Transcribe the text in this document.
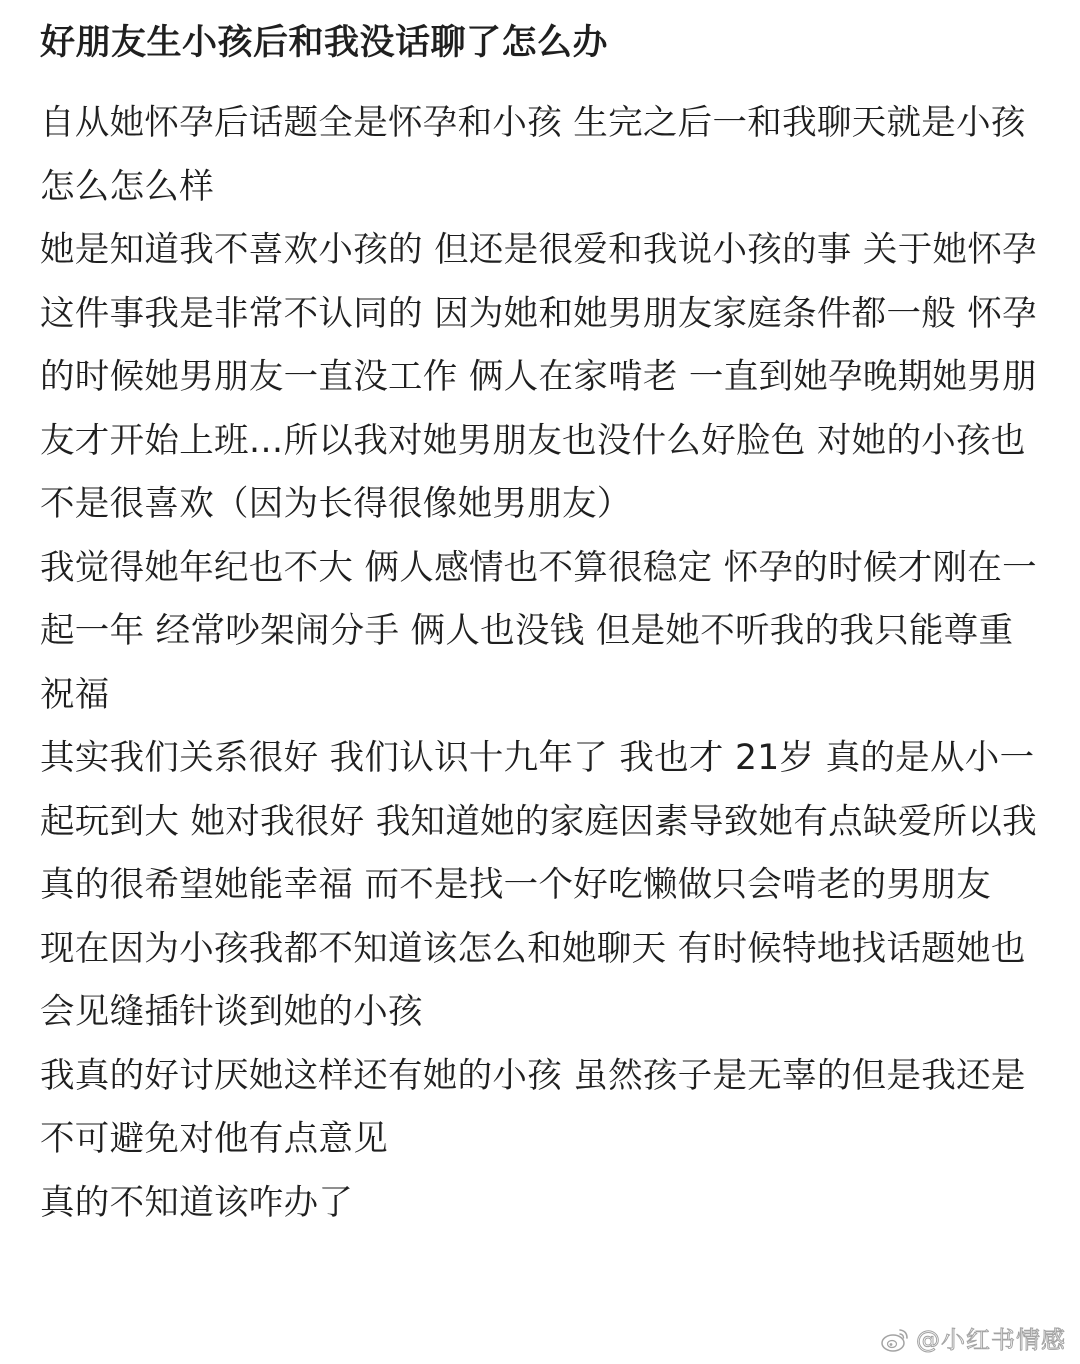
好朋友生小孩后和我没话聊了怎么办

自从她怀孕后话题全是怀孕和小孩 生完之后一和我聊天就是小孩怎么怎么样

她是知道我不喜欢小孩的 但还是很爱和我说小孩的事 关于她怀孕这件事我是非常不认同的 因为她和她男朋友家庭条件都一般 怀孕的时候她男朋友一直没工作 俩人在家啃老 一直到她孕晚期她男朋友才开始上班…所以我对她男朋友也没什么好脸色 对她的小孩也不是很喜欢（因为长得很像她男朋友）

我觉得她年纪也不大 俩人感情也不算很稳定 怀孕的时候才刚在一起一年 经常吵架闹分手 俩人也没钱 但是她不听我的我只能尊重祝福

其实我们关系很好 我们认识十九年了 我也才 21岁 真的是从小一起玩到大 她对我很好 我知道她的家庭因素导致她有点缺爱所以我真的很希望她能幸福 而不是找一个好吃懒做只会啃老的男朋友

现在因为小孩我都不知道该怎么和她聊天 有时候特地找话题她也会见缝插针谈到她的小孩

我真的好讨厌她这样还有她的小孩 虽然孩子是无辜的但是我还是不可避免对他有点意见

真的不知道该咋办了

@小红书情感
